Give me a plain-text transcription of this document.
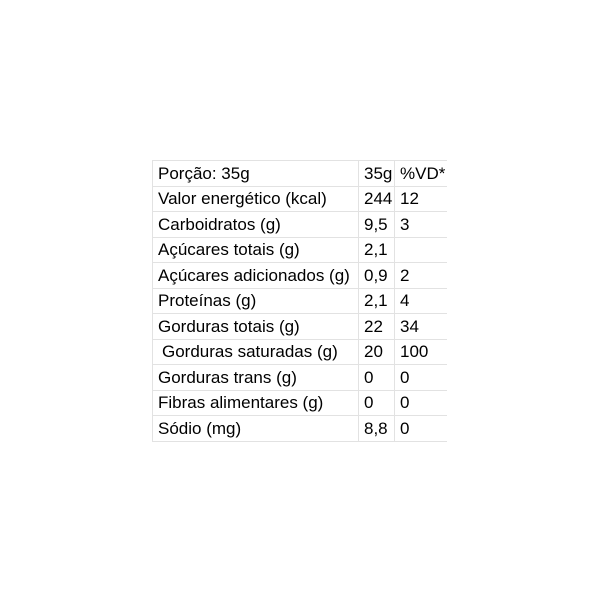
Porção: 35g	35g	%VD*
Valor energético (kcal)	244	12
Carboidratos (g)	9,5	3
Açúcares totais (g)	2,1	
Açúcares adicionados (g)	0,9	2
Proteínas (g)	2,1	4
Gorduras totais (g)	22	34
Gorduras saturadas (g)	20	100
Gorduras trans (g)	0	0
Fibras alimentares (g)	0	0
Sódio (mg)	8,8	0
